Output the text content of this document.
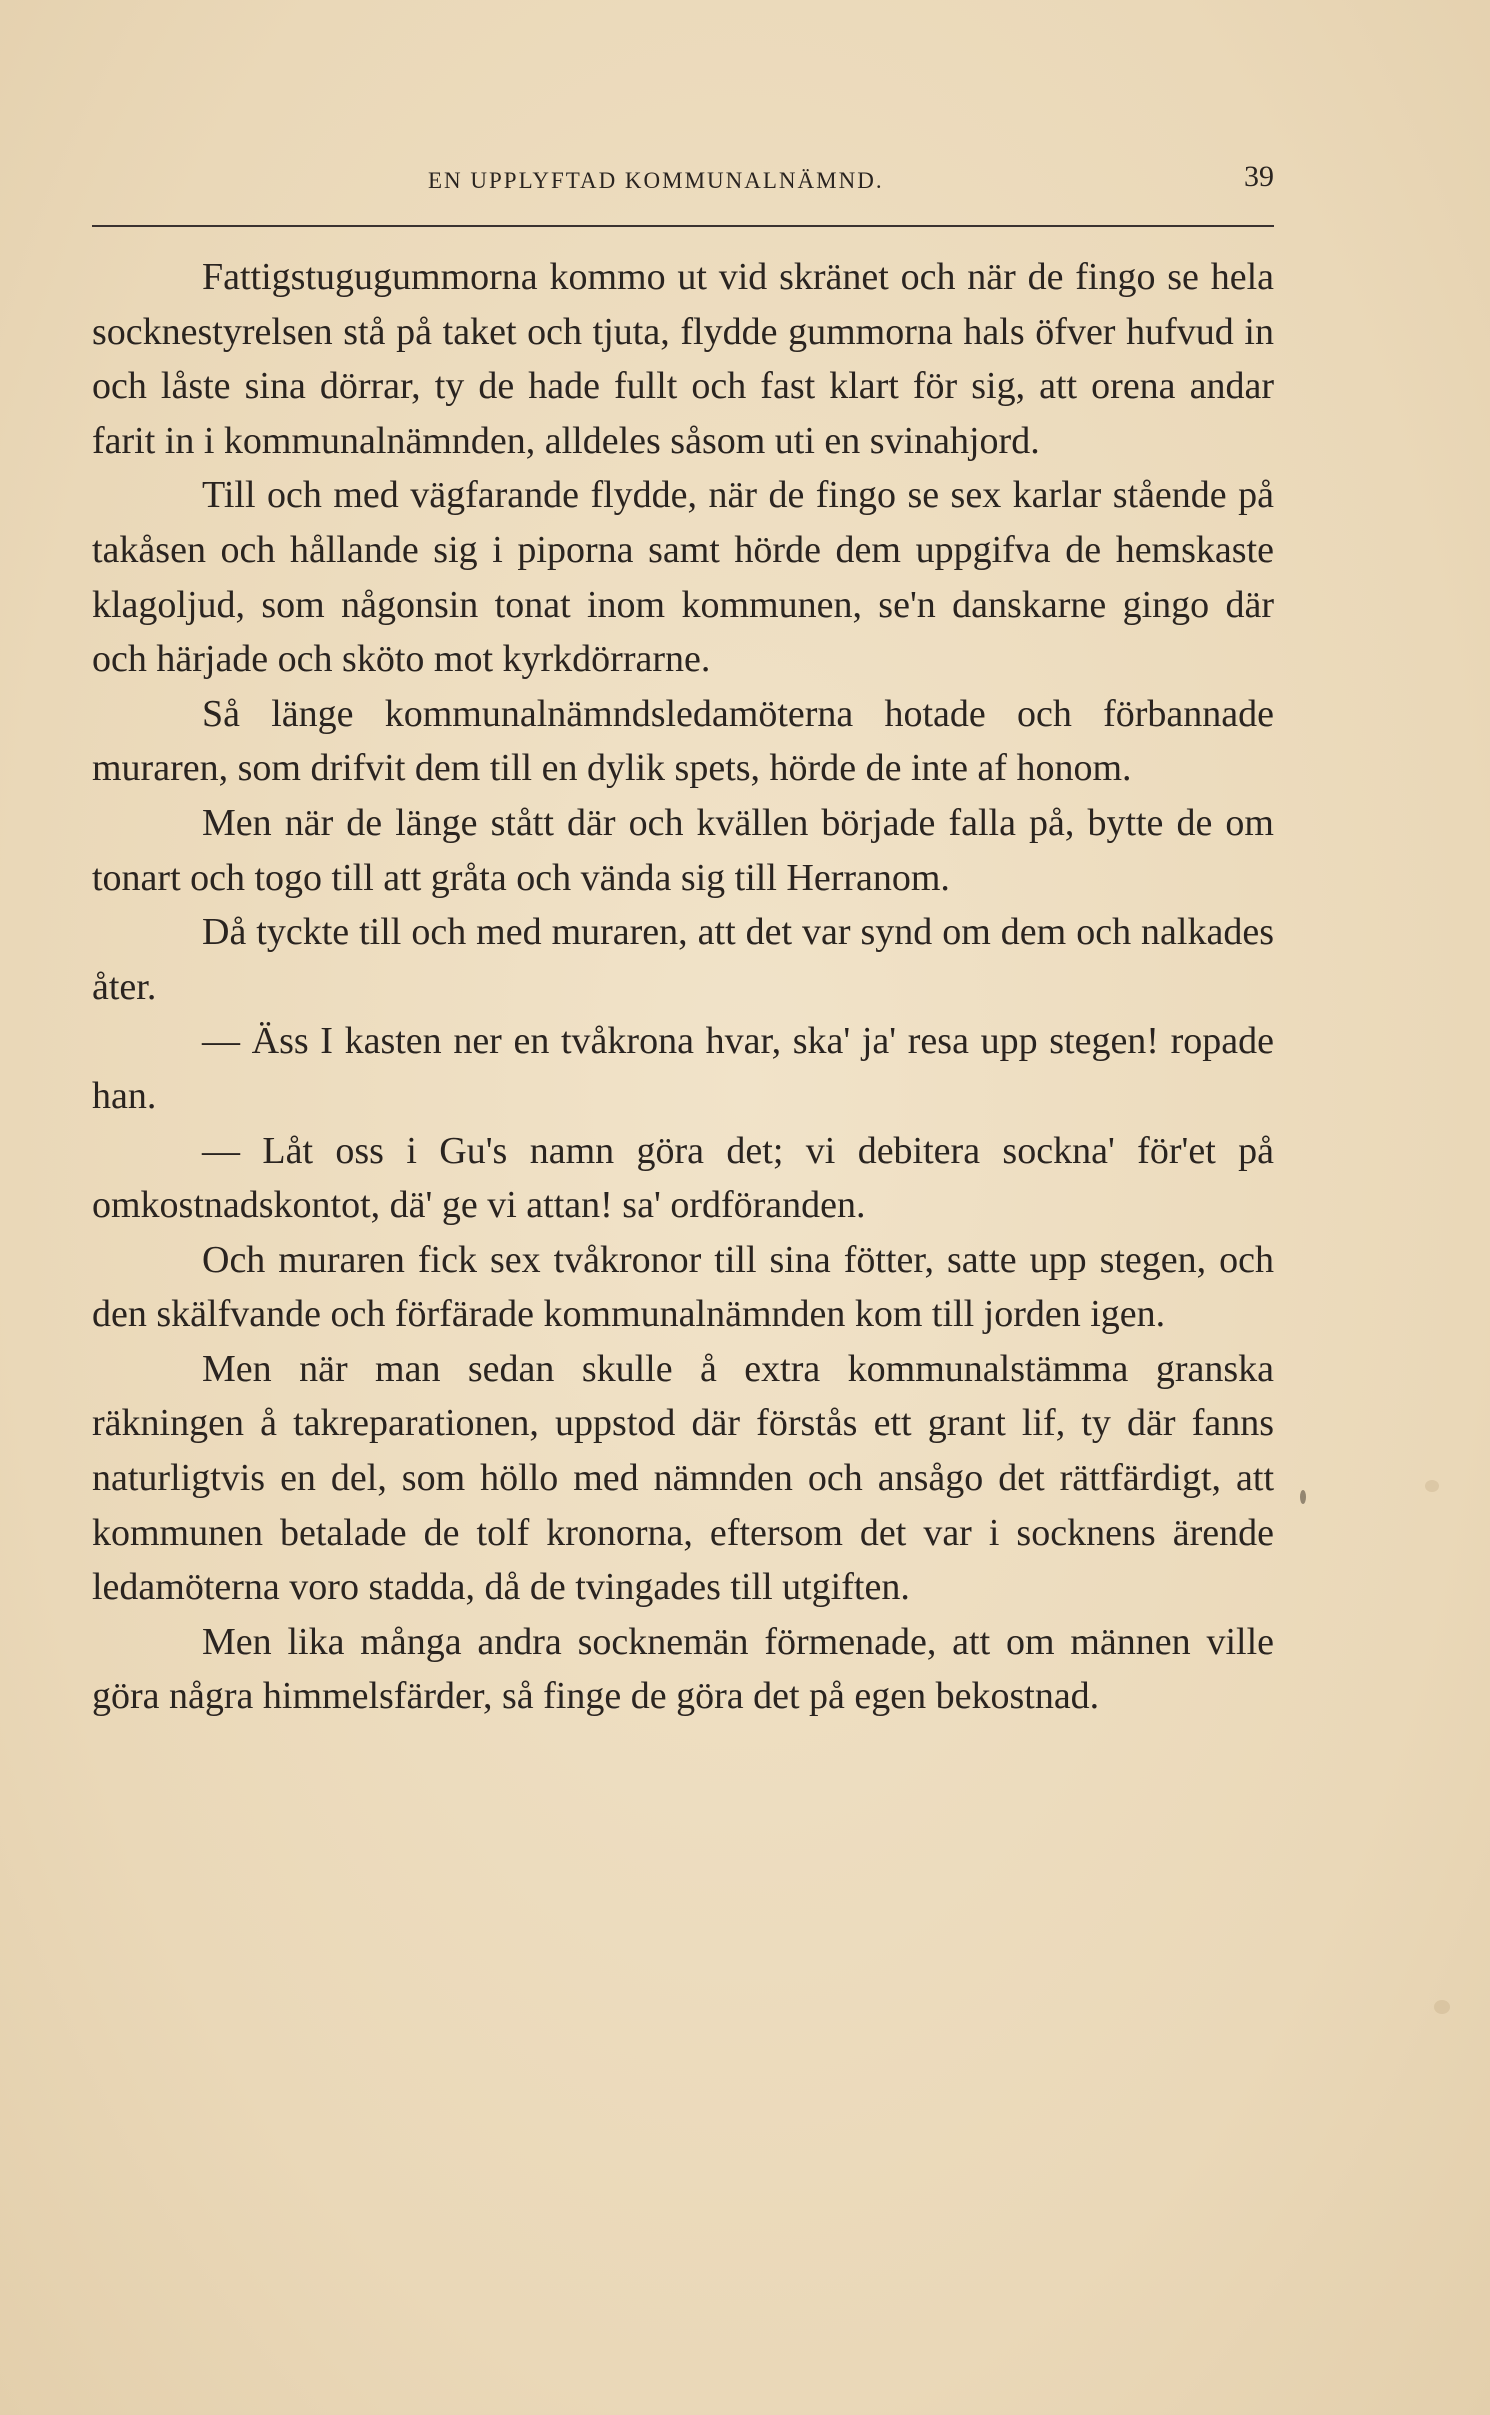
EN UPPLYFTAD KOMMUNALNÄMND.	39

Fattigstugugummorna kommo ut vid skränet och när de fingo se hela socknestyrelsen stå på taket och tjuta, flydde gummorna hals öfver hufvud in och låste sina dörrar, ty de hade fullt och fast klart för sig, att orena andar farit in i kommunalnämnden, alldeles såsom uti en svinahjord.

Till och med vägfarande flydde, när de fingo se sex karlar stående på takåsen och hållande sig i piporna samt hörde dem uppgifva de hemskaste klagoljud, som någonsin tonat inom kommunen, se'n danskarne gingo där och härjade och sköto mot kyrkdörrarne.

Så länge kommunalnämndsledamöterna hotade och förbannade muraren, som drifvit dem till en dylik spets, hörde de inte af honom.

Men när de länge stått där och kvällen började falla på, bytte de om tonart och togo till att gråta och vända sig till Herranom.

Då tyckte till och med muraren, att det var synd om dem och nalkades åter.

— Äss I kasten ner en tvåkrona hvar, ska' ja' resa upp stegen! ropade han.

— Låt oss i Gu's namn göra det; vi debitera sockna' för'et på omkostnadskontot, dä' ge vi attan! sa' ordföranden.

Och muraren fick sex tvåkronor till sina fötter, satte upp stegen, och den skälfvande och förfärade kommunalnämnden kom till jorden igen.

Men när man sedan skulle å extra kommunalstämma granska räkningen å takreparationen, uppstod där förstås ett grant lif, ty där fanns naturligtvis en del, som höllo med nämnden och ansågo det rättfärdigt, att kommunen betalade de tolf kronorna, eftersom det var i socknens ärende ledamöterna voro stadda, då de tvingades till utgiften.

Men lika många andra socknemän förmenade, att om männen ville göra några himmelsfärder, så finge de göra det på egen bekostnad.
